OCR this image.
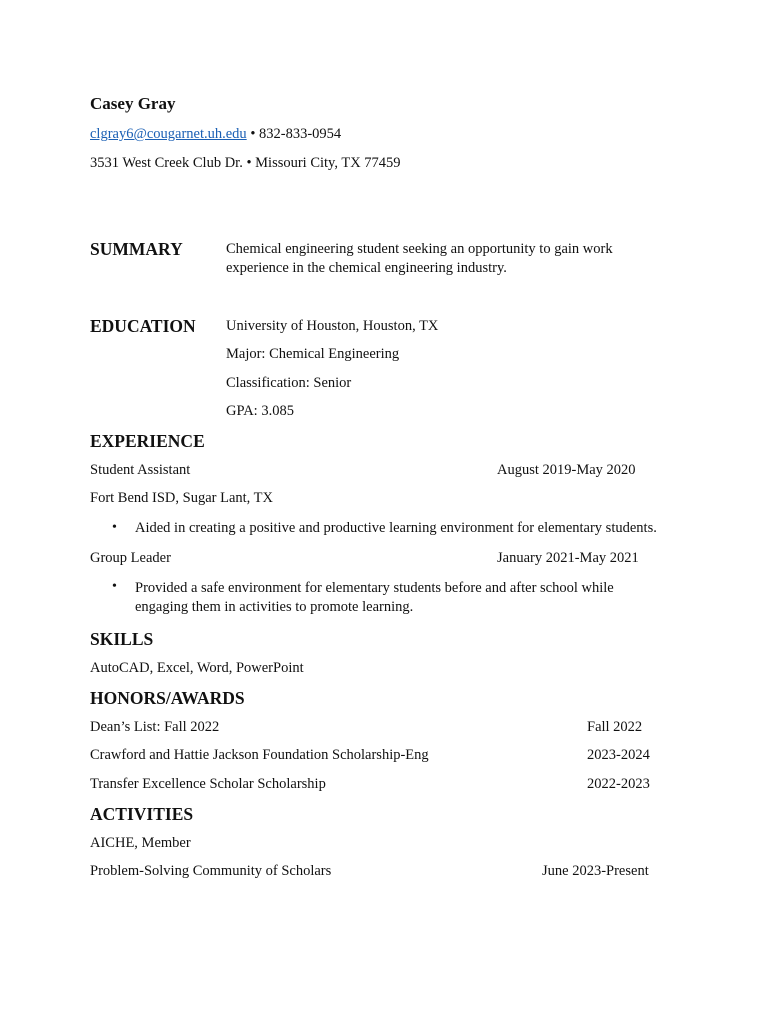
Casey Gray
clgray6@cougarnet.uh.edu • 832-833-0954
3531 West Creek Club Dr. • Missouri City, TX 77459
SUMMARY	Chemical engineering student seeking an opportunity to gain work experience in the chemical engineering industry.
EDUCATION University of Houston, Houston, TX
Major: Chemical Engineering
Classification: Senior
GPA: 3.085
EXPERIENCE
Student Assistant	August 2019-May 2020
Fort Bend ISD, Sugar Lant, TX
• Aided in creating a positive and productive learning environment for elementary students.
Group Leader	January 2021-May 2021
• Provided a safe environment for elementary students before and after school while engaging them in activities to promote learning.
SKILLS
AutoCAD, Excel, Word, PowerPoint
HONORS/AWARDS
Dean’s List: Fall 2022	Fall 2022
Crawford and Hattie Jackson Foundation Scholarship-Eng	2023-2024
Transfer Excellence Scholar Scholarship	2022-2023
ACTIVITIES
AICHE, Member
Problem-Solving Community of Scholars	June 2023-Present
